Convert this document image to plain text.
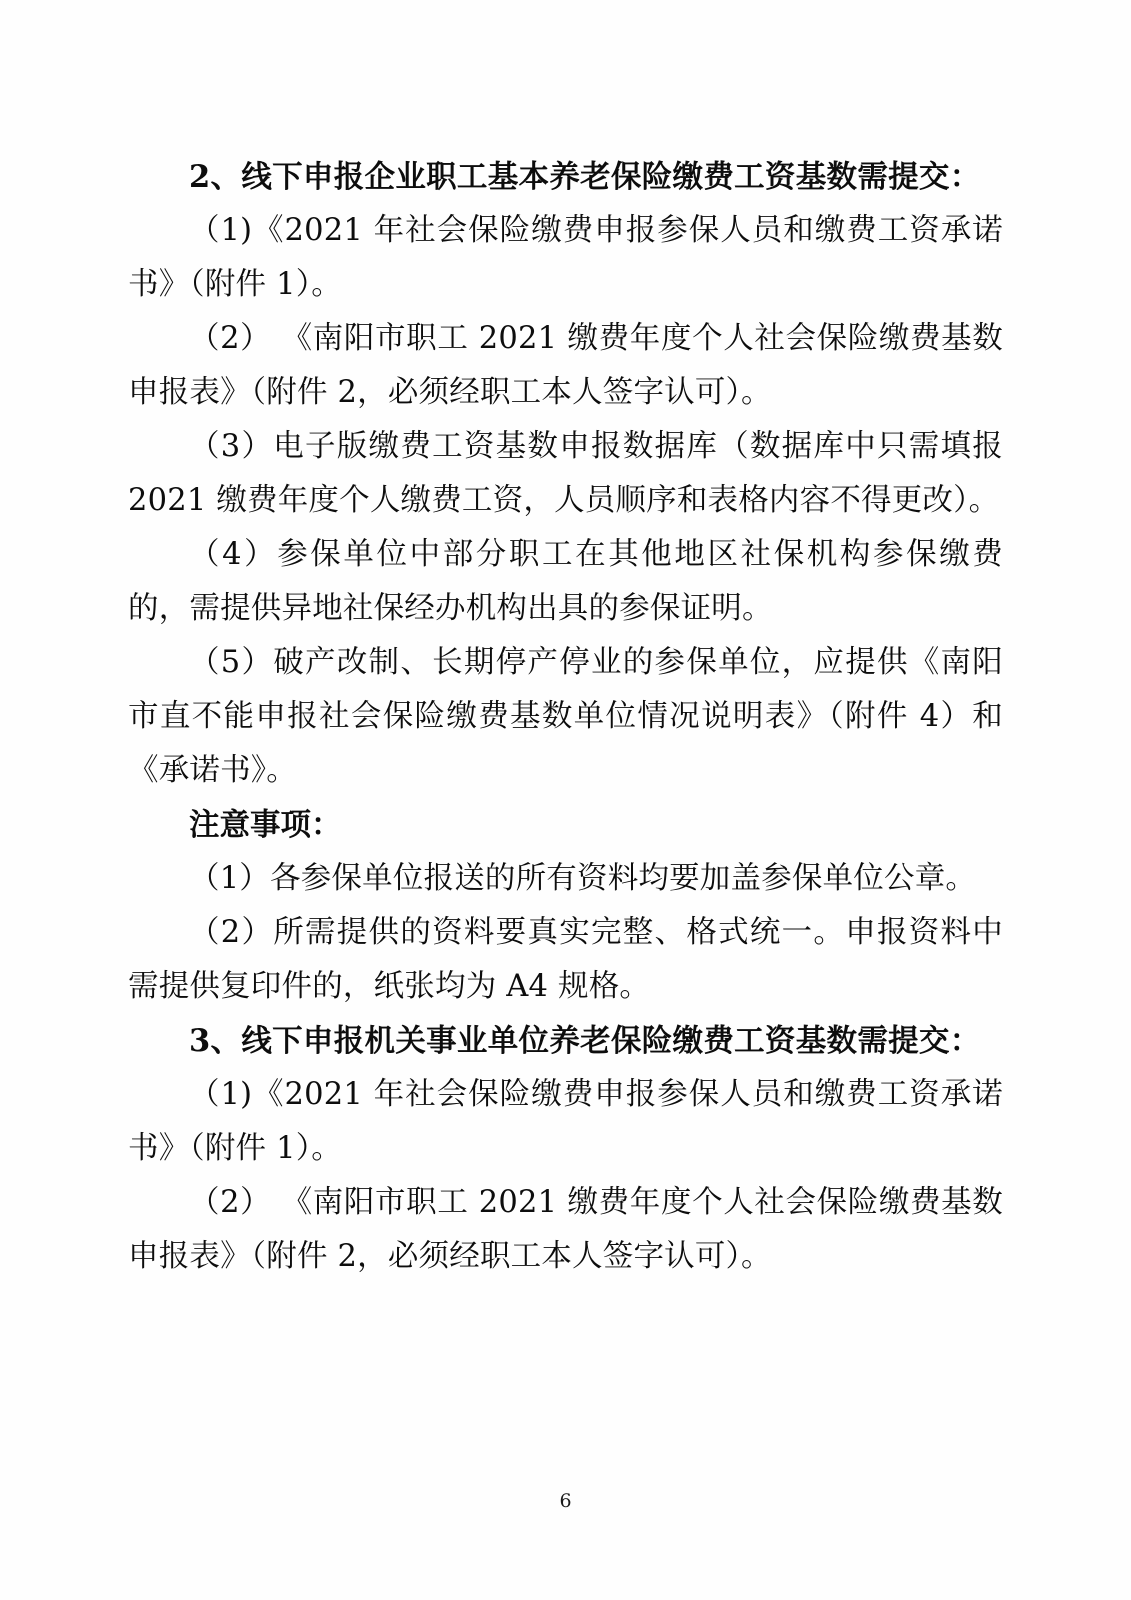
2、线下申报企业职工基本养老保险缴费工资基数需提交：

（1)《2021 年社会保险缴费申报参保人员和缴费工资承诺书》（附件 1）。

（2） 《南阳市职工 2021 缴费年度个人社会保险缴费基数申报表》（附件 2，必须经职工本人签字认可）。

（3）电子版缴费工资基数申报数据库（数据库中只需填报 2021 缴费年度个人缴费工资，人员顺序和表格内容不得更改）。

（4）参保单位中部分职工在其他地区社保机构参保缴费的，需提供异地社保经办机构出具的参保证明。

（5）破产改制、长期停产停业的参保单位，应提供《南阳市直不能申报社会保险缴费基数单位情况说明表》（附件 4）和《承诺书》。

注意事项：

（1）各参保单位报送的所有资料均要加盖参保单位公章。

（2）所需提供的资料要真实完整、格式统一。申报资料中需提供复印件的，纸张均为 A4 规格。

3、线下申报机关事业单位养老保险缴费工资基数需提交：

（1)《2021 年社会保险缴费申报参保人员和缴费工资承诺书》（附件 1）。

（2） 《南阳市职工 2021 缴费年度个人社会保险缴费基数申报表》（附件 2，必须经职工本人签字认可）。

6
